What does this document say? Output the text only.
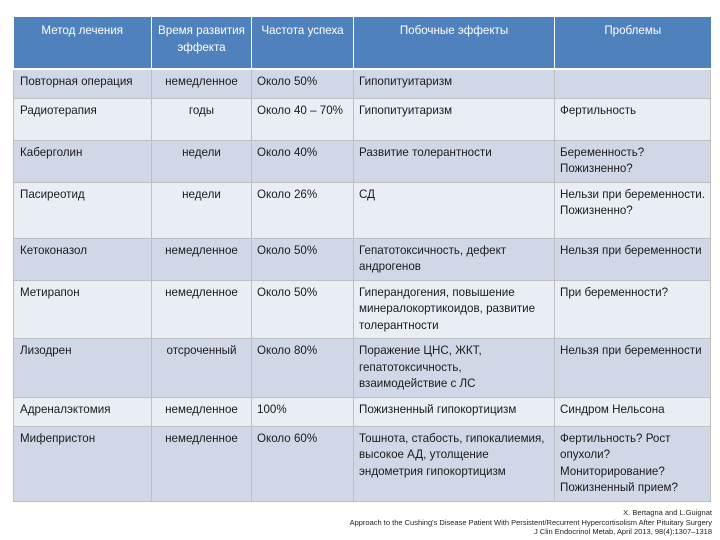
Метод лечения	Время развития эффекта	Частота успеха	Побочные эффекты	Проблемы
Повторная операция	немедленное	Около 50%	Гипопитуитаризм	
Радиотерапия	годы	Около 40 – 70%	Гипопитуитаризм	Фертильность
Каберголин	недели	Около 40%	Развитие толерантности	Беременность? Пожизненно?
Пасиреотид	недели	Около 26%	СД	Нельзи при беременности. Пожизненно?
Кетоконазол	немедленное	Около 50%	Гепатотоксичность, дефект андрогенов	Нельзя при беременности
Метирапон	немедленное	Около 50%	Гиперандогения, повышение минералокортикоидов, развитие толерантности	При беременности?
Лизодрен	отсроченный	Около 80%	Поражение ЦНС, ЖКТ, гепатотоксичность, взаимодействие с ЛС	Нельзя при беременности
Адреналэктомия	немедленное	100%	Пожизненный гипокортицизм	Синдром Нельсона
Мифепристон	немедленное	Около 60%	Тошнота, стабость, гипокалиемия, высокое АД, утолщение эндометрия гипокортицизм	Фертильность? Рост опухоли? Мониторирование? Пожизненный прием?
X. Bertagna and L.Guignat
Approach to the Cushing's Disease Patient With Persistent/Recurrent Hypercortisolism After Pituitary Surgery
J Clin Endocrinol Metab, April 2013, 98(4):1307–1318
